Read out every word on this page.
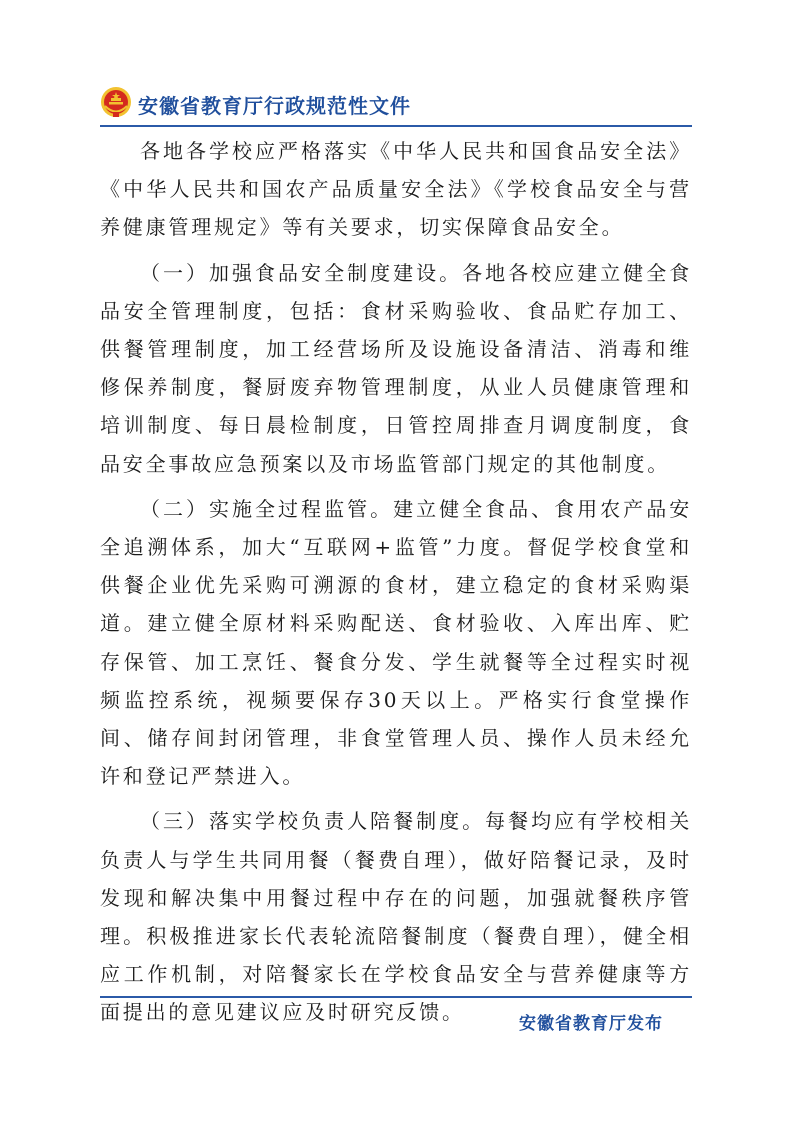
安徽省教育厅行政规范性文件

各地各学校应严格落实《中华人民共和国食品安全法》《中华人民共和国农产品质量安全法》《学校食品安全与营养健康管理规定》等有关要求，切实保障食品安全。

（一）加强食品安全制度建设。各地各校应建立健全食品安全管理制度，包括：食材采购验收、食品贮存加工、供餐管理制度，加工经营场所及设施设备清洁、消毒和维修保养制度，餐厨废弃物管理制度，从业人员健康管理和培训制度、每日晨检制度，日管控周排查月调度制度，食品安全事故应急预案以及市场监管部门规定的其他制度。

（二）实施全过程监管。建立健全食品、食用农产品安全追溯体系，加大“互联网+监管”力度。督促学校食堂和供餐企业优先采购可溯源的食材，建立稳定的食材采购渠道。建立健全原材料采购配送、食材验收、入库出库、贮存保管、加工烹饪、餐食分发、学生就餐等全过程实时视频监控系统，视频要保存30天以上。严格实行食堂操作间、储存间封闭管理，非食堂管理人员、操作人员未经允许和登记严禁进入。

（三）落实学校负责人陪餐制度。每餐均应有学校相关负责人与学生共同用餐（餐费自理），做好陪餐记录，及时发现和解决集中用餐过程中存在的问题，加强就餐秩序管理。积极推进家长代表轮流陪餐制度（餐费自理），健全相应工作机制，对陪餐家长在学校食品安全与营养健康等方面提出的意见建议应及时研究反馈。	安徽省教育厅发布
